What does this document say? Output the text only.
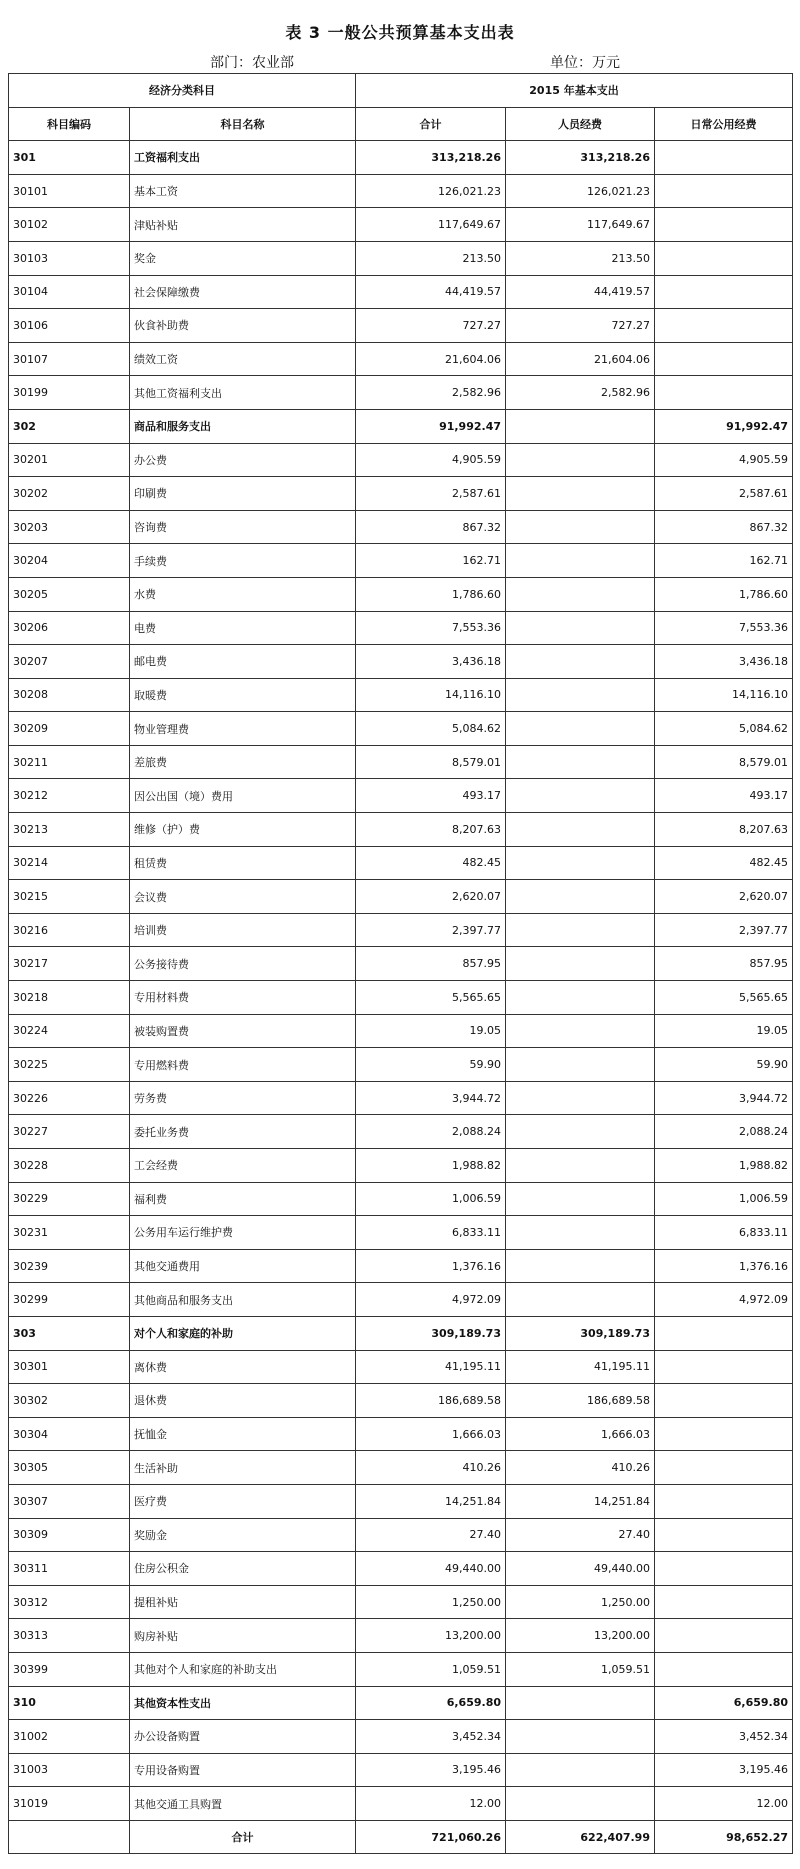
表 3 一般公共预算基本支出表
部门：农业部	单位：万元
经济分类科目		2015 年基本支出		
科目编码	科目名称	合计	人员经费	日常公用经费
301	工资福利支出	313,218.26	313,218.26	
30101	基本工资	126,021.23	126,021.23	
30102	津贴补贴	117,649.67	117,649.67	
30103	奖金	213.50	213.50	
30104	社会保障缴费	44,419.57	44,419.57	
30106	伙食补助费	727.27	727.27	
30107	绩效工资	21,604.06	21,604.06	
30199	其他工资福利支出	2,582.96	2,582.96	
302	商品和服务支出	91,992.47		91,992.47
30201	办公费	4,905.59		4,905.59
30202	印刷费	2,587.61		2,587.61
30203	咨询费	867.32		867.32
30204	手续费	162.71		162.71
30205	水费	1,786.60		1,786.60
30206	电费	7,553.36		7,553.36
30207	邮电费	3,436.18		3,436.18
30208	取暖费	14,116.10		14,116.10
30209	物业管理费	5,084.62		5,084.62
30211	差旅费	8,579.01		8,579.01
30212	因公出国（境）费用	493.17		493.17
30213	维修（护）费	8,207.63		8,207.63
30214	租赁费	482.45		482.45
30215	会议费	2,620.07		2,620.07
30216	培训费	2,397.77		2,397.77
30217	公务接待费	857.95		857.95
30218	专用材料费	5,565.65		5,565.65
30224	被装购置费	19.05		19.05
30225	专用燃料费	59.90		59.90
30226	劳务费	3,944.72		3,944.72
30227	委托业务费	2,088.24		2,088.24
30228	工会经费	1,988.82		1,988.82
30229	福利费	1,006.59		1,006.59
30231	公务用车运行维护费	6,833.11		6,833.11
30239	其他交通费用	1,376.16		1,376.16
30299	其他商品和服务支出	4,972.09		4,972.09
303	对个人和家庭的补助	309,189.73	309,189.73	
30301	离休费	41,195.11	41,195.11	
30302	退休费	186,689.58	186,689.58	
30304	抚恤金	1,666.03	1,666.03	
30305	生活补助	410.26	410.26	
30307	医疗费	14,251.84	14,251.84	
30309	奖励金	27.40	27.40	
30311	住房公积金	49,440.00	49,440.00	
30312	提租补贴	1,250.00	1,250.00	
30313	购房补贴	13,200.00	13,200.00	
30399	其他对个人和家庭的补助支出	1,059.51	1,059.51	
310	其他资本性支出	6,659.80		6,659.80
31002	办公设备购置	3,452.34		3,452.34
31003	专用设备购置	3,195.46		3,195.46
31019	其他交通工具购置	12.00		12.00
	合计	721,060.26	622,407.99	98,652.27
